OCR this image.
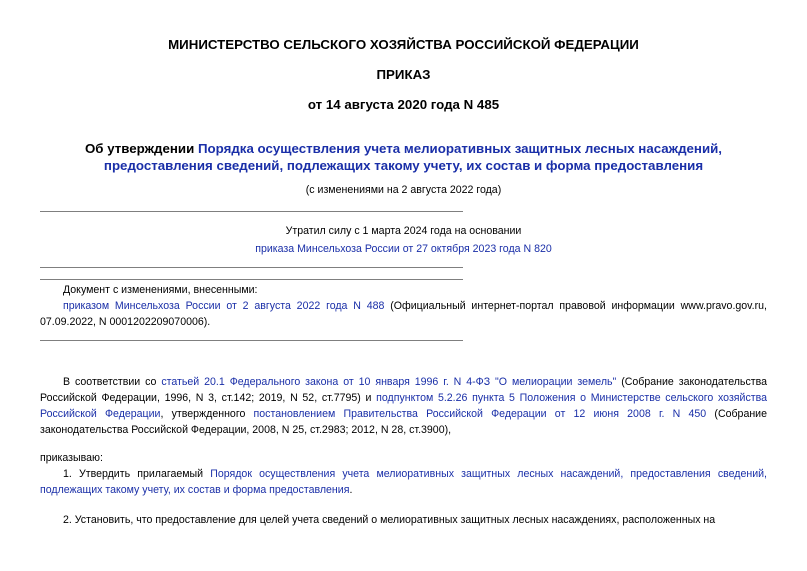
МИНИСТЕРСТВО СЕЛЬСКОГО ХОЗЯЙСТВА РОССИЙСКОЙ ФЕДЕРАЦИИ
ПРИКАЗ
от 14 августа 2020 года N 485
Об утверждении Порядка осуществления учета мелиоративных защитных лесных насаждений, предоставления сведений, подлежащих такому учету, их состав и форма предоставления
(с изменениями на 2 августа 2022 года)
Утратил силу с 1 марта 2024 года на основании
приказа Минсельхоза России от 27 октября 2023 года N 820
Документ с изменениями, внесенными:
приказом Минсельхоза России от 2 августа 2022 года N 488 (Официальный интернет-портал правовой информации www.pravo.gov.ru, 07.09.2022, N 0001202209070006).
В соответствии со статьей 20.1 Федерального закона от 10 января 1996 г. N 4-ФЗ "О мелиорации земель" (Собрание законодательства Российской Федерации, 1996, N 3, ст.142; 2019, N 52, ст.7795) и подпунктом 5.2.26 пункта 5 Положения о Министерстве сельского хозяйства Российской Федерации, утвержденного постановлением Правительства Российской Федерации от 12 июня 2008 г. N 450 (Собрание законодательства Российской Федерации, 2008, N 25, ст.2983; 2012, N 28, ст.3900),
приказываю:
1. Утвердить прилагаемый Порядок осуществления учета мелиоративных защитных лесных насаждений, предоставления сведений, подлежащих такому учету, их состав и форма предоставления.
2. Установить, что предоставление для целей учета сведений о мелиоративных защитных лесных насаждениях, расположенных на
